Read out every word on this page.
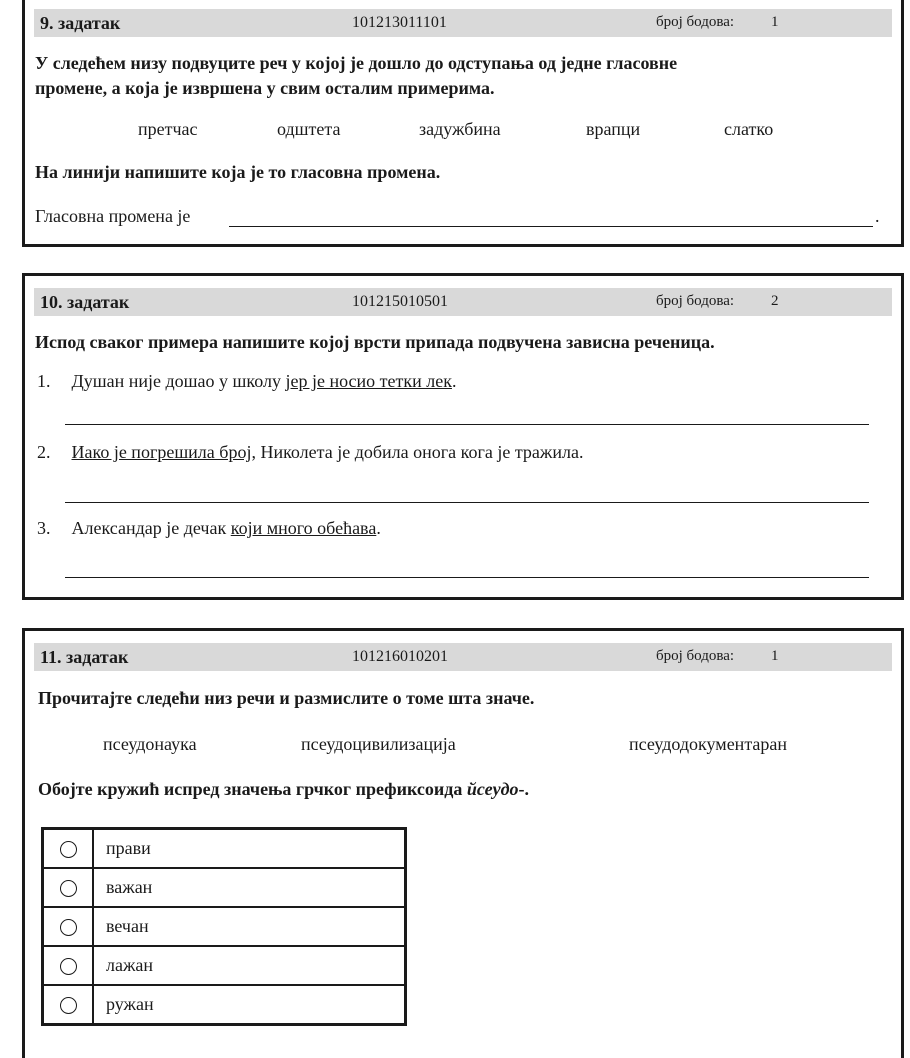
9. задатак	101213011101	број бодова: 1
У следећем низу подвуците реч у којој је дошло до одступања од једне гласовне
промене, а која је извршена у свим осталим примерима.
претчас	одштета	задужбина	врапци	слатко
На линији напишите која је то гласовна промена.
Гласовна промена је	.
10. задатак	101215010501	број бодова: 2
Испод сваког примера напишите којој врсти припада подвучена зависна реченица.
1. Душан није дошао у школу јер је носио тетки лек.
2. Иако је погрешила број, Николета је добила онога кога је тражила.
3. Александар је дечак који много обећава.
11. задатак	101216010201	број бодова: 1
Прочитајте следећи низ речи и размислите о томе шта значе.
псеудонаука	псеудоцивилизација	псеудодокументаран
Обојте кружић испред значења грчког префиксоида йсеудо-.
	прави
	важан
	вечан
	лажан
	ружан
